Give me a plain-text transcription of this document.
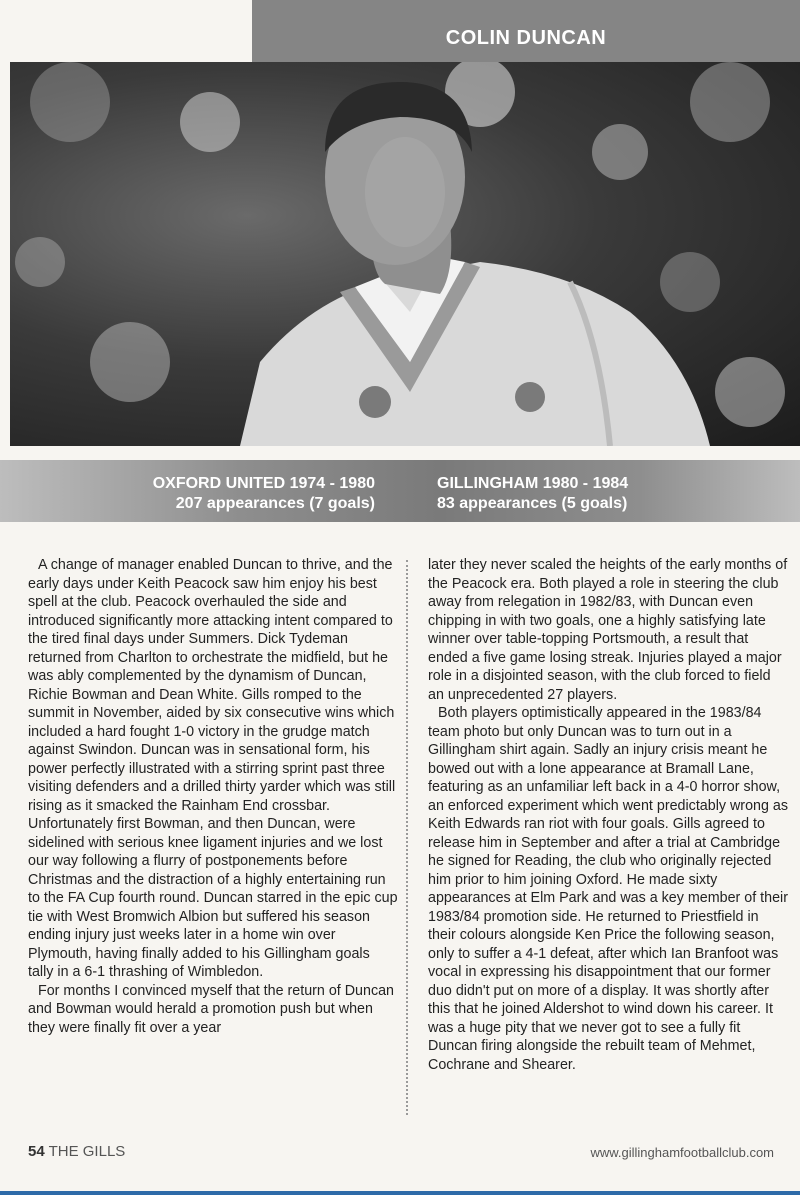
COLIN DUNCAN
OXFORD UNITED 1974 - 1980
207 appearances (7 goals)
GILLINGHAM 1980 - 1984
83 appearances (5 goals)

A change of manager enabled Duncan to thrive, and the early days under Keith Peacock saw him enjoy his best spell at the club. Peacock overhauled the side and introduced significantly more attacking intent compared to the tired final days under Summers. Dick Tydeman returned from Charlton to orchestrate the midfield, but he was ably complemented by the dynamism of Duncan, Richie Bowman and Dean White. Gills romped to the summit in November, aided by six consecutive wins which included a hard fought 1-0 victory in the grudge match against Swindon. Duncan was in sensational form, his power perfectly illustrated with a stirring sprint past three visiting defenders and a drilled thirty yarder which was still rising as it smacked the Rainham End crossbar. Unfortunately first Bowman, and then Duncan, were sidelined with serious knee ligament injuries and we lost our way following a flurry of postponements before Christmas and the distraction of a highly entertaining run to the FA Cup fourth round. Duncan starred in the epic cup tie with West Bromwich Albion but suffered his season ending injury just weeks later in a home win over Plymouth, having finally added to his Gillingham goals tally in a 6-1 thrashing of Wimbledon.

For months I convinced myself that the return of Duncan and Bowman would herald a promotion push but when they were finally fit over a year

later they never scaled the heights of the early months of the Peacock era. Both played a role in steering the club away from relegation in 1982/83, with Duncan even chipping in with two goals, one a highly satisfying late winner over table-topping Portsmouth, a result that ended a five game losing streak. Injuries played a major role in a disjointed season, with the club forced to field an unprecedented 27 players.

Both players optimistically appeared in the 1983/84 team photo but only Duncan was to turn out in a Gillingham shirt again. Sadly an injury crisis meant he bowed out with a lone appearance at Bramall Lane, featuring as an unfamiliar left back in a 4-0 horror show, an enforced experiment which went predictably wrong as Keith Edwards ran riot with four goals. Gills agreed to release him in September and after a trial at Cambridge he signed for Reading, the club who originally rejected him prior to him joining Oxford. He made sixty appearances at Elm Park and was a key member of their 1983/84 promotion side. He returned to Priestfield in their colours alongside Ken Price the following season, only to suffer a 4-1 defeat, after which Ian Branfoot was vocal in expressing his disappointment that our former duo didn't put on more of a display. It was shortly after this that he joined Aldershot to wind down his career. It was a huge pity that we never got to see a fully fit Duncan firing alongside the rebuilt team of Mehmet, Cochrane and Shearer.

54 THE GILLS	www.gillinghamfootballclub.com
